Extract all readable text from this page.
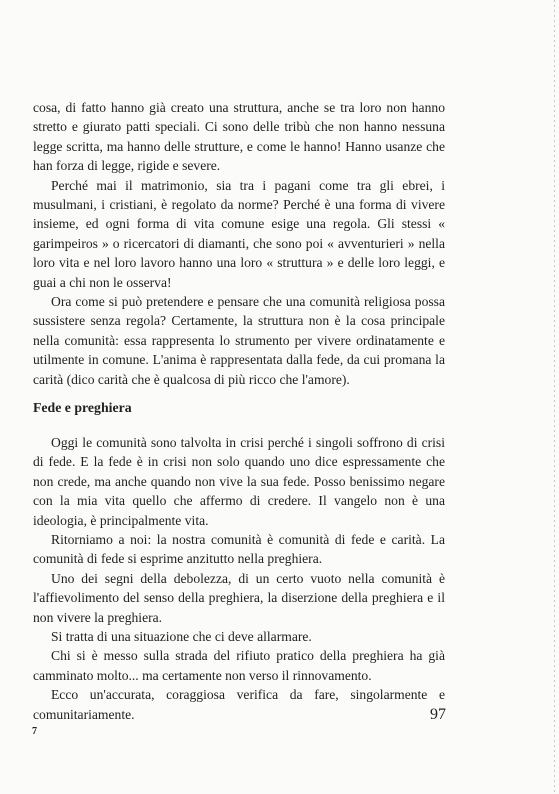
cosa, di fatto hanno già creato una struttura, anche se tra loro non hanno stretto e giurato patti speciali. Ci sono delle tribù che non hanno nessuna legge scritta, ma hanno delle strutture, e come le hanno! Hanno usanze che han forza di legge, rigide e severe.

Perché mai il matrimonio, sia tra i pagani come tra gli ebrei, i musulmani, i cristiani, è regolato da norme? Perché è una forma di vivere insieme, ed ogni forma di vita comune esige una regola. Gli stessi « garimpeiros » o ricercatori di diamanti, che sono poi « avventurieri » nella loro vita e nel loro lavoro hanno una loro « struttura » e delle loro leggi, e guai a chi non le osserva!

Ora come si può pretendere e pensare che una comunità religiosa possa sussistere senza regola? Certamente, la struttura non è la cosa principale nella comunità: essa rappresenta lo strumento per vivere ordinatamente e utilmente in comune. L'anima è rappresentata dalla fede, da cui promana la carità (dico carità che è qualcosa di più ricco che l'amore).

Fede e preghiera

Oggi le comunità sono talvolta in crisi perché i singoli soffrono di crisi di fede. E la fede è in crisi non solo quando uno dice espressamente che non crede, ma anche quando non vive la sua fede. Posso benissimo negare con la mia vita quello che affermo di credere. Il vangelo non è una ideologia, è principalmente vita.

Ritorniamo a noi: la nostra comunità è comunità di fede e carità. La comunità di fede si esprime anzitutto nella preghiera.

Uno dei segni della debolezza, di un certo vuoto nella comunità è l'affievolimento del senso della preghiera, la diserzione della preghiera e il non vivere la preghiera.

Si tratta di una situazione che ci deve allarmare.

Chi si è messo sulla strada del rifiuto pratico della preghiera ha già camminato molto... ma certamente non verso il rinnovamento.

Ecco un'accurata, coraggiosa verifica da fare, singolarmente e comunitariamente.	97
7
